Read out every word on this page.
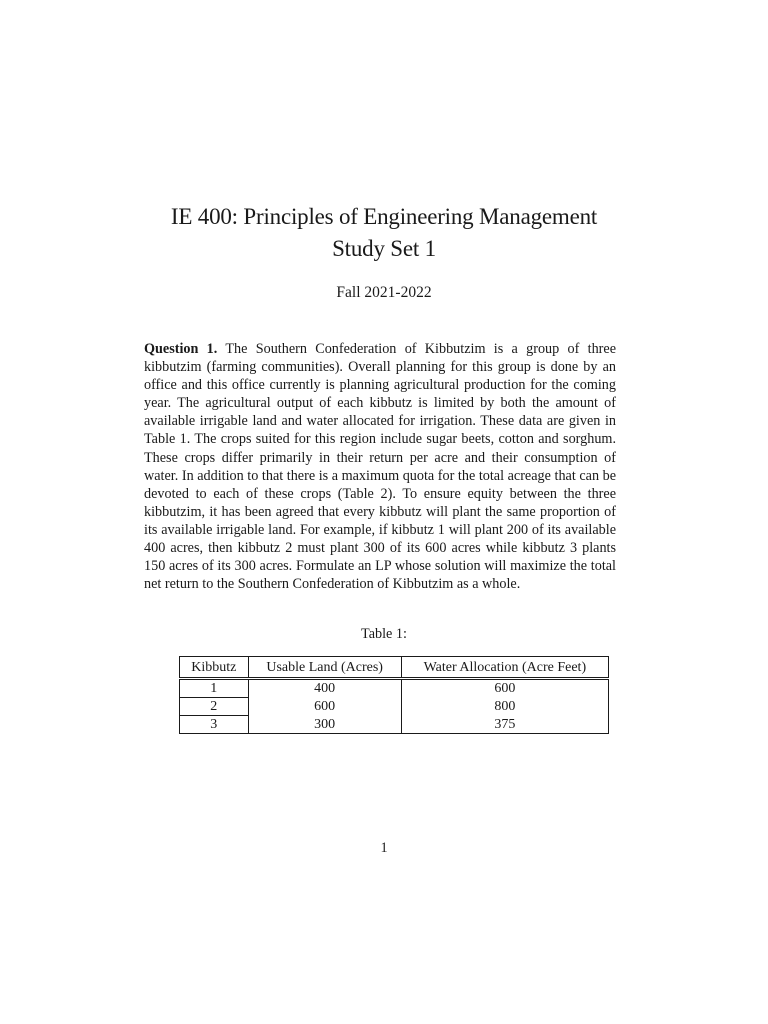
IE 400: Principles of Engineering Management
Study Set 1
Fall 2021-2022
Question 1. The Southern Confederation of Kibbutzim is a group of three kibbutzim (farming communities). Overall planning for this group is done by an office and this office currently is planning agricultural production for the coming year. The agricultural output of each kibbutz is limited by both the amount of available irrigable land and water allocated for irrigation. These data are given in Table 1. The crops suited for this region include sugar beets, cotton and sorghum. These crops differ primarily in their return per acre and their consumption of water. In addition to that there is a maximum quota for the total acreage that can be devoted to each of these crops (Table 2). To ensure equity between the three kibbutzim, it has been agreed that every kibbutz will plant the same proportion of its available irrigable land. For example, if kibbutz 1 will plant 200 of its available 400 acres, then kibbutz 2 must plant 300 of its 600 acres while kibbutz 3 plants 150 acres of its 300 acres. Formulate an LP whose solution will maximize the total net return to the Southern Confederation of Kibbutzim as a whole.
Table 1:
Kibbutz	Usable Land (Acres)	Water Allocation (Acre Feet)
1	400	600
2	600	800
3	300	375
1
